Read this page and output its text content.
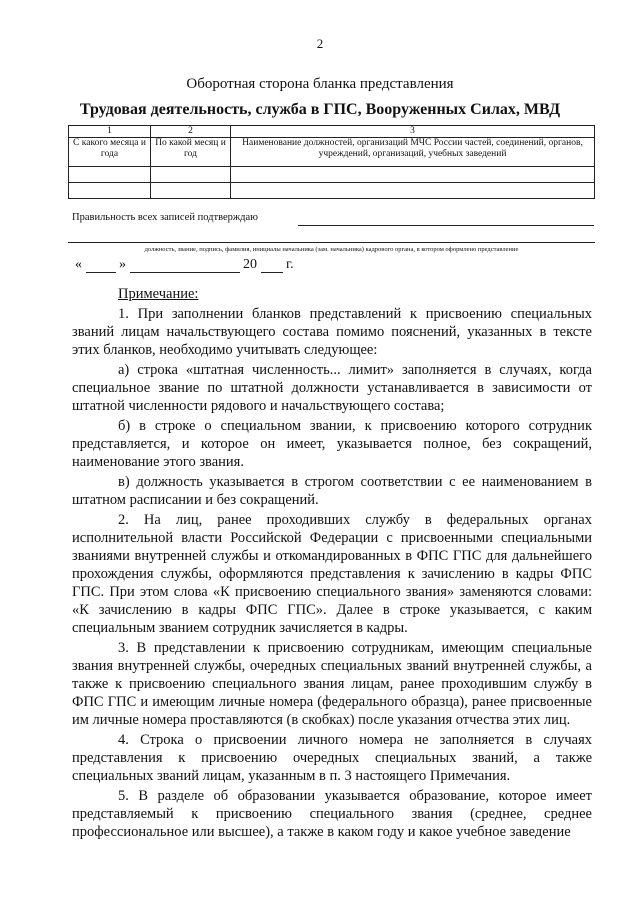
2
Оборотная сторона бланка представления
Трудовая деятельность, служба в ГПС, Вооруженных Силах, МВД
1	2	3
С какого месяца и года	По какой месяц и год	Наименование должностей, организаций МЧС России частей, соединений, органов, учреждений, организаций, учебных заведений

Правильность всех записей подтверждаю
должность, звание, подпись, фамилия, инициалы начальника (зам. начальника) кадрового органа, в котором оформлено представление
«	»	20 г.

Примечание:

1. При заполнении бланков представлений к присвоению специальных званий лицам начальствующего состава помимо пояснений, указанных в тексте этих бланков, необходимо учитывать следующее:

а) строка «штатная численность... лимит» заполняется в случаях, когда специальное звание по штатной должности устанавливается в зависимости от штатной численности рядового и начальствующего состава;

б) в строке о специальном звании, к присвоению которого сотрудник представляется, и которое он имеет, указывается полное, без сокращений, наименование этого звания.

в) должность указывается в строгом соответствии с ее наименованием в штатном расписании и без сокращений.

2. На лиц, ранее проходивших службу в федеральных органах исполнительной власти Российской Федерации с присвоенными специальными званиями внутренней службы и откомандированных в ФПС ГПС для дальнейшего прохождения службы, оформляются представления к зачислению в кадры ФПС ГПС. При этом слова «К присвоению специального звания» заменяются словами: «К зачислению в кадры ФПС ГПС». Далее в строке указывается, с каким специальным званием сотрудник зачисляется в кадры.

3. В представлении к присвоению сотрудникам, имеющим специальные звания внутренней службы, очередных специальных званий внутренней службы, а также к присвоению специального звания лицам, ранее проходившим службу в ФПС ГПС и имеющим личные номера (федерального образца), ранее присвоенные им личные номера проставляются (в скобках) после указания отчества этих лиц.

4. Строка о присвоении личного номера не заполняется в случаях представления к присвоению очередных специальных званий, а также специальных званий лицам, указанным в п. 3 настоящего Примечания.

5. В разделе об образовании указывается образование, которое имеет представляемый к присвоению специального звания (среднее, среднее профессиональное или высшее), а также в каком году и какое учебное заведение
